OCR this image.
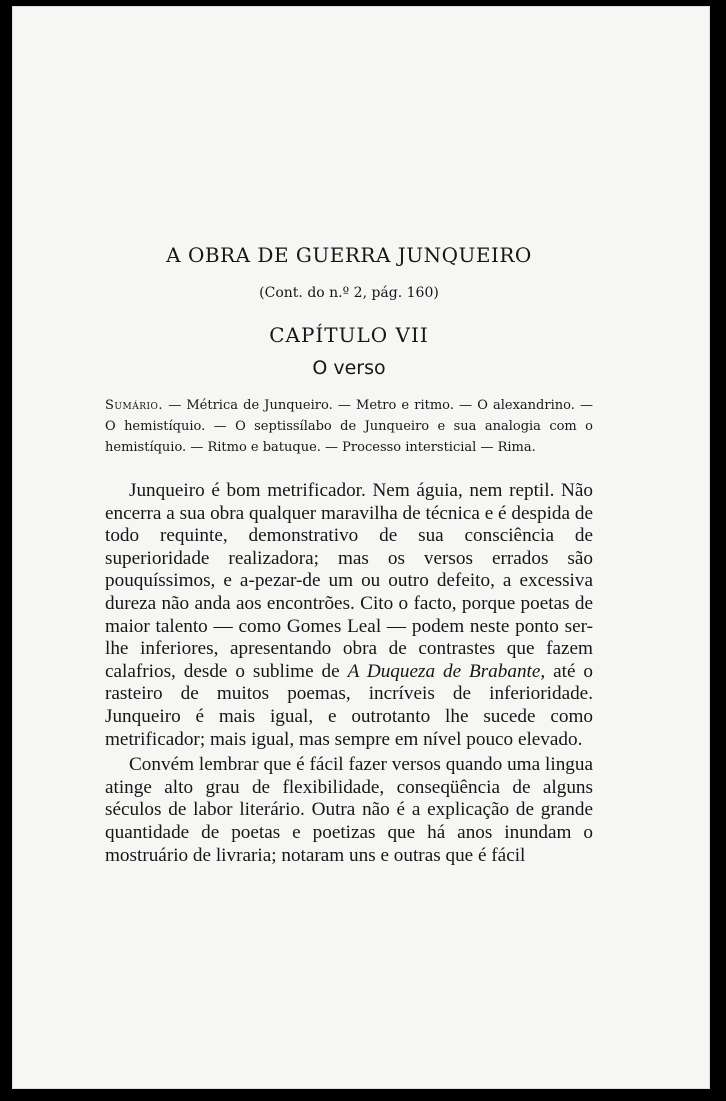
A OBRA DE GUERRA JUNQUEIRO
(Cont. do n.º 2, pág. 160)
CAPÍTULO VII
O verso

Sumário. — Métrica de Junqueiro. — Metro e ritmo. — O alexandrino. — O hemistíquio. — O septissílabo de Junqueiro e sua analogia com o hemistíquio. — Ritmo e batuque. — Processo intersticial — Rima.

Junqueiro é bom metrificador. Nem águia, nem reptil. Não encerra a sua obra qualquer maravilha de técnica e é despida de todo requinte, demonstrativo de sua consciência de superioridade realizadora; mas os versos errados são pouquíssimos, e a-pezar-de um ou outro defeito, a excessiva dureza não anda aos encontrões. Cito o facto, porque poetas de maior talento — como Gomes Leal — podem neste ponto ser-lhe inferiores, apresentando obra de contrastes que fazem calafrios, desde o sublime de A Duqueza de Brabante, até o rasteiro de muitos poemas, incríveis de inferioridade. Junqueiro é mais igual, e outrotanto lhe sucede como metrificador; mais igual, mas sempre em nível pouco elevado.

Convém lembrar que é fácil fazer versos quando uma lingua atinge alto grau de flexibilidade, conseqüência de alguns séculos de labor literário. Outra não é a explicação de grande quantidade de poetas e poetizas que há anos inundam o mostruário de livraria; notaram uns e outras que é fácil
